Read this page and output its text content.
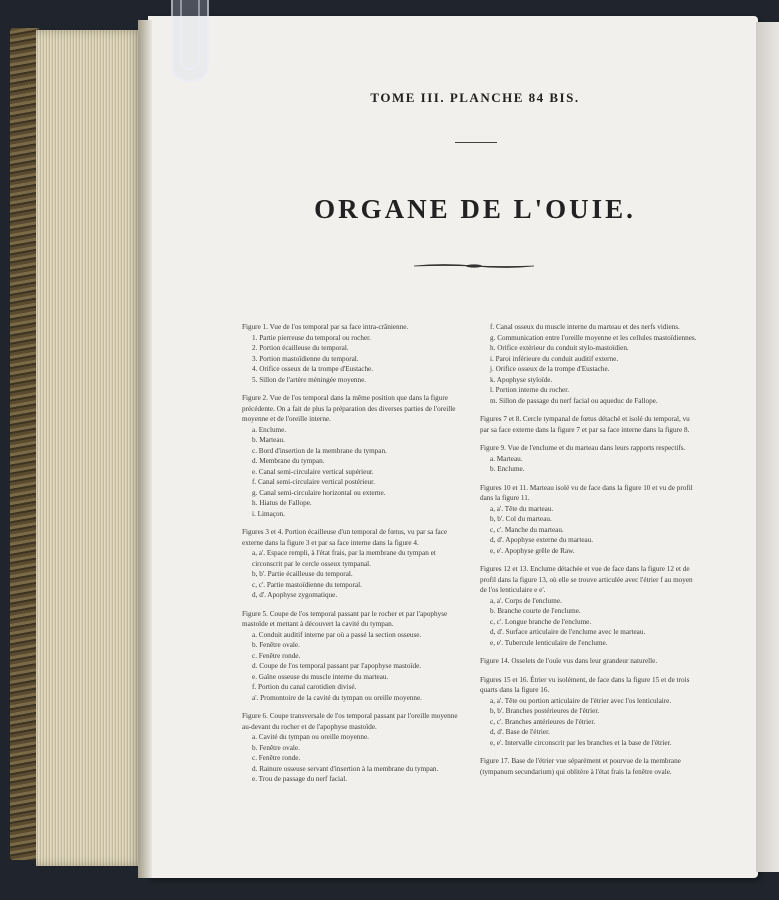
TOME III. PLANCHE 84 BIS.
ORGANE DE L'OUIE.

Figure 1. Vue de l'os temporal par sa face intra-crânienne.

1. Partie pierreuse du temporal ou rocher.

2. Portion écailleuse du temporal.

3. Portion mastoïdienne du temporal.

4. Orifice osseux de la trompe d'Eustache.

5. Sillon de l'artère méningée moyenne.

Figure 2. Vue de l'os temporal dans la même position que dans la figure précédente. On a fait de plus la préparation des diverses parties de l'oreille moyenne et de l'oreille interne.

a. Enclume.

b. Marteau.

c. Bord d'insertion de la membrane du tympan.

d. Membrane du tympan.

e. Canal semi-circulaire vertical supérieur.

f. Canal semi-circulaire vertical postérieur.

g. Canal semi-circulaire horizontal ou externe.

h. Hiatus de Fallope.

i. Limaçon.

Figures 3 et 4. Portion écailleuse d'un temporal de fœtus, vu par sa face externe dans la figure 3 et par sa face interne dans la figure 4.

a, a'. Espace rempli, à l'état frais, par la membrane du tympan et circonscrit par le cercle osseux tympanal.

b, b'. Partie écailleuse du temporal.

c, c'. Partie mastoïdienne du temporal.

d, d'. Apophyse zygomatique.

Figure 5. Coupe de l'os temporal passant par le rocher et par l'apophyse mastoïde et mettant à découvert la cavité du tympan.

a. Conduit auditif interne par où a passé la section osseuse.

b. Fenêtre ovale.

c. Fenêtre ronde.

d. Coupe de l'os temporal passant par l'apophyse mastoïde.

e. Gaîne osseuse du muscle interne du marteau.

f. Portion du canal carotidien divisé.

a'. Promontoire de la cavité du tympan ou oreille moyenne.

Figure 6. Coupe transversale de l'os temporal passant par l'oreille moyenne au-devant du rocher et de l'apophyse mastoïde.

a. Cavité du tympan ou oreille moyenne.

b. Fenêtre ovale.

c. Fenêtre ronde.

d. Rainure osseuse servant d'insertion à la membrane du tympan.

e. Trou de passage du nerf facial.

f. Canal osseux du muscle interne du marteau et des nerfs vidiens.

g. Communication entre l'oreille moyenne et les cellules mastoïdiennes.

h. Orifice extérieur du conduit stylo-mastoïdien.

i. Paroi inférieure du conduit auditif externe.

j. Orifice osseux de la trompe d'Eustache.

k. Apophyse styloïde.

l. Portion interne du rocher.

m. Sillon de passage du nerf facial ou aqueduc de Fallope.

Figures 7 et 8. Cercle tympanal de fœtus détaché et isolé du temporal, vu par sa face externe dans la figure 7 et par sa face interne dans la figure 8.

Figure 9. Vue de l'enclume et du marteau dans leurs rapports respectifs.

a. Marteau.

b. Enclume.

Figures 10 et 11. Marteau isolé vu de face dans la figure 10 et vu de profil dans la figure 11.

a, a'. Tête du marteau.

b, b'. Col du marteau.

c, c'. Manche du marteau.

d, d'. Apophyse externe du marteau.

e, e'. Apophyse grêle de Raw.

Figures 12 et 13. Enclume détachée et vue de face dans la figure 12 et de profil dans la figure 13, où elle se trouve articulée avec l'étrier f au moyen de l'os lenticulaire e e'.

a, a'. Corps de l'enclume.

b. Branche courte de l'enclume.

c, c'. Longue branche de l'enclume.

d, d'. Surface articulaire de l'enclume avec le marteau.

e, e'. Tubercule lenticulaire de l'enclume.

Figure 14. Osselets de l'ouïe vus dans leur grandeur naturelle.

Figures 15 et 16. Étrier vu isolément, de face dans la figure 15 et de trois quarts dans la figure 16.

a, a'. Tête ou portion articulaire de l'étrier avec l'os lenticulaire.

b, b'. Branches postérieures de l'étrier.

c, c'. Branches antérieures de l'étrier.

d, d'. Base de l'étrier.

e, e'. Intervalle circonscrit par les branches et la base de l'étrier.

Figure 17. Base de l'étrier vue séparément et pourvue de la membrane (tympanum secundarium) qui oblitère à l'état frais la fenêtre ovale.
